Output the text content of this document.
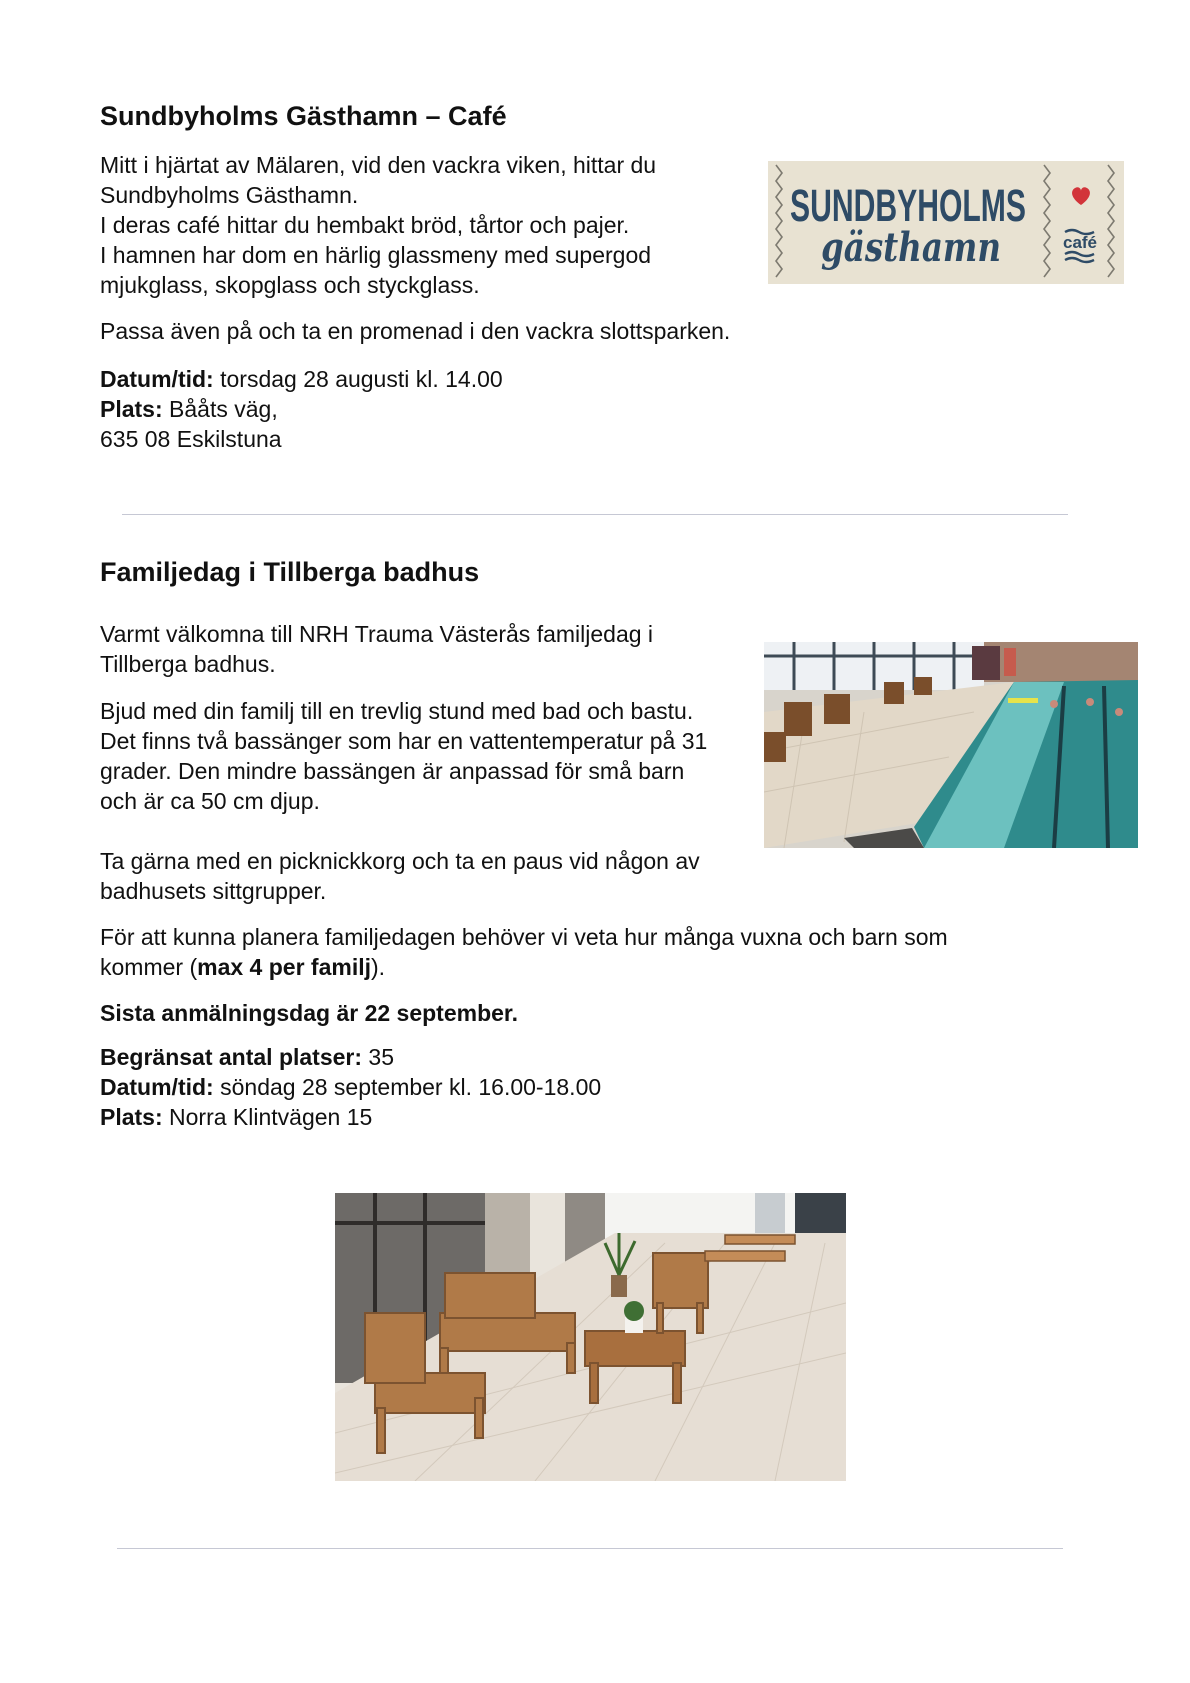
Sundbyholms Gästhamn – Café
Mitt i hjärtat av Mälaren, vid den vackra viken, hittar du
Sundbyholms Gästhamn.
I deras café hittar du hembakt bröd, tårtor och pajer.
I hamnen har dom en härlig glassmeny med supergod
mjukglass, skopglass och styckglass.
SUNDBYHOLMS
gästhamn	café

Passa även på och ta en promenad i den vackra slottsparken.

Datum/tid: torsdag 28 augusti kl. 14.00
Plats: Bååts väg,
635 08 Eskilstuna
Familjedag i Tillberga badhus
Varmt välkomna till NRH Trauma Västerås familjedag i
Tillberga badhus.
Bjud med din familj till en trevlig stund med bad och bastu.
Det finns två bassänger som har en vattentemperatur på 31
grader. Den mindre bassängen är anpassad för små barn
och är ca 50 cm djup.
Ta gärna med en picknickkorg och ta en paus vid någon av
badhusets sittgrupper.
För att kunna planera familjedagen behöver vi veta hur många vuxna och barn som
kommer (max 4 per familj).

Sista anmälningsdag är 22 september.

Begränsat antal platser: 35
Datum/tid: söndag 28 september kl. 16.00-18.00
Plats: Norra Klintvägen 15
